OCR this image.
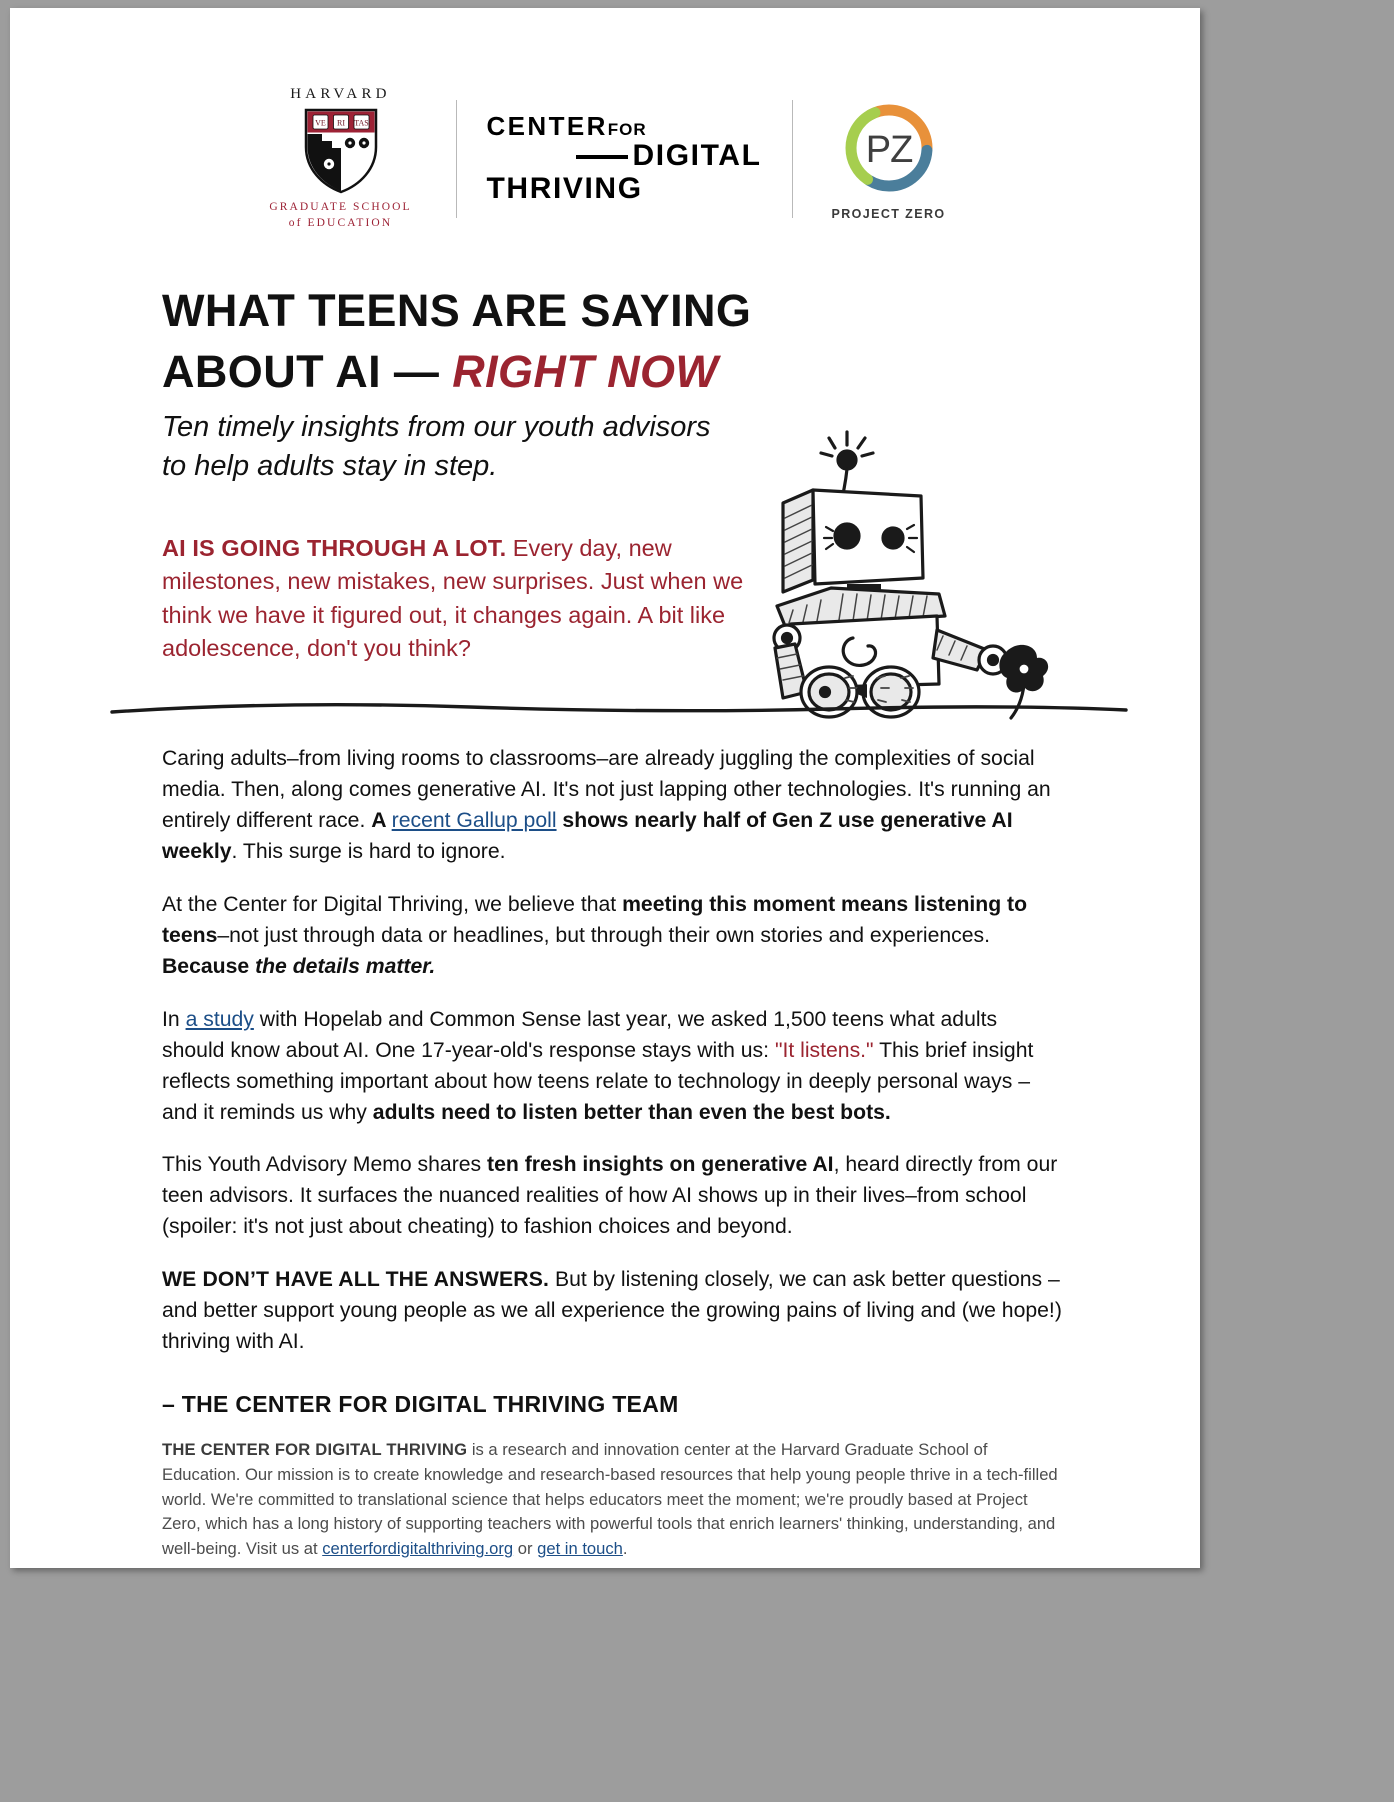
HARVARD
VE RI TAS
GRADUATE SCHOOL
of EDUCATION
CENTERFOR
DIGITAL
THRIVING
PZ
PROJECT ZERO
WHAT TEENS ARE SAYING
ABOUT AI — RIGHT NOW
Ten timely insights from our youth advisors to help adults stay in step.
AI IS GOING THROUGH A LOT. Every day, new milestones, new mistakes, new surprises. Just when we think we have it figured out, it changes again. A bit like adolescence, don't you think?

Caring adults–from living rooms to classrooms–are already juggling the complexities of social media. Then, along comes generative AI. It's not just lapping other technologies. It's running an entirely different race. A recent Gallup poll shows nearly half of Gen Z use generative AI weekly. This surge is hard to ignore.

At the Center for Digital Thriving, we believe that meeting this moment means listening to teens–not just through data or headlines, but through their own stories and experiences. Because the details matter.

In a study with Hopelab and Common Sense last year, we asked 1,500 teens what adults should know about AI. One 17-year-old's response stays with us: "It listens." This brief insight reflects something important about how teens relate to technology in deeply personal ways – and it reminds us why adults need to listen better than even the best bots.

This Youth Advisory Memo shares ten fresh insights on generative AI, heard directly from our teen advisors. It surfaces the nuanced realities of how AI shows up in their lives–from school (spoiler: it's not just about cheating) to fashion choices and beyond.

WE DON’T HAVE ALL THE ANSWERS. But by listening closely, we can ask better questions – and better support young people as we all experience the growing pains of living and (we hope!) thriving with AI.

– THE CENTER FOR DIGITAL THRIVING TEAM

THE CENTER FOR DIGITAL THRIVING is a research and innovation center at the Harvard Graduate School of Education. Our mission is to create knowledge and research-based resources that help young people thrive in a tech-filled world. We're committed to translational science that helps educators meet the moment; we're proudly based at Project Zero, which has a long history of supporting teachers with powerful tools that enrich learners' thinking, understanding, and well-being. Visit us at centerfordigitalthriving.org or get in touch.
